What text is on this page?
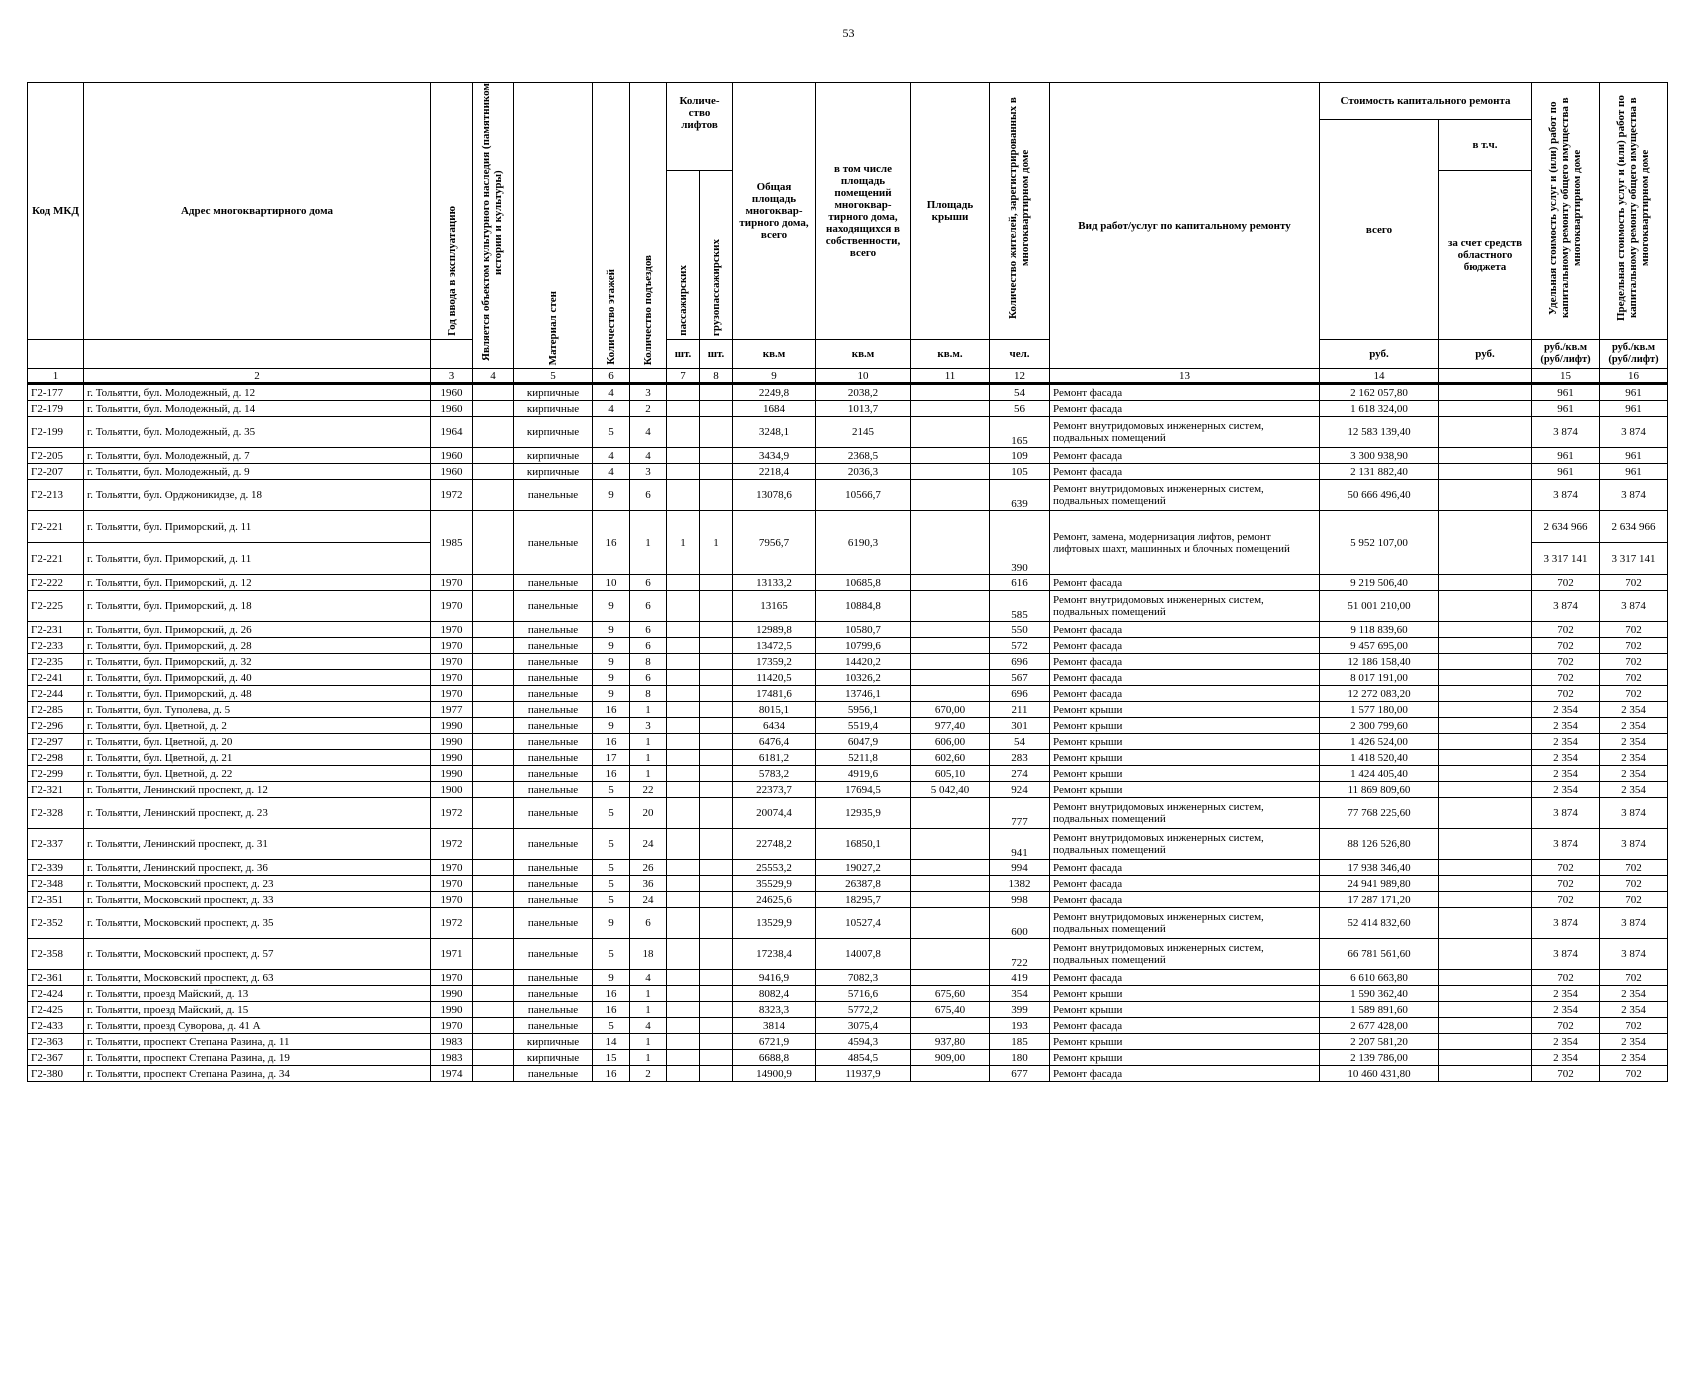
53
Код МКД	Адрес многоквартирного дома	Год ввода в эксплуатацию	Является объектом культурного наследия (памятником истории и культуры)	Материал стен	Количество этажей	Количество подъездов	Количе-ство лифтов		Общая площадь многоквар-тирного дома, всего	в том числе площадь помещений многоквар-тирного дома, находящихся в собственности, всего	Площадь крыши	Количество жителей, зарегистрированных в многоквартирном доме	Вид работ/услуг по капитальному ремонту	Стоимость капитального ремонта		Удельная стоимость услуг и (или) работ по капитальному ремонту общего имущества в многоквартирном доме	Предельная стоимость услуг и (или) работ по капитальному ремонту общего имущества в многоквартирном доме

														всего	в т.ч.		

							пассажирских	грузопассажирских							за счет средств областного бюджета		
							шт.	шт.	кв.м	кв.м	кв.м.	чел.		руб.	руб.	руб./кв.м (руб/лифт)	руб./кв.м (руб/лифт)
1	2	3	4	5	6		7	8	9	10	11	12	13	14		15	16
Г2-177	г. Тольятти, бул. Молодежный, д. 12	1960		кирпичные	4	3			2249,8	2038,2		54	Ремонт фасада	2 162 057,80		961	961
Г2-179	г. Тольятти, бул. Молодежный, д. 14	1960		кирпичные	4	2			1684	1013,7		56	Ремонт фасада	1 618 324,00		961	961
Г2-199	г. Тольятти, бул. Молодежный, д. 35	1964		кирпичные	5	4			3248,1	2145		165	Ремонт внутридомовых инженерных систем, подвальных помещений	12 583 139,40		3 874	3 874
Г2-205	г. Тольятти, бул. Молодежный, д. 7	1960		кирпичные	4	4			3434,9	2368,5		109	Ремонт фасада	3 300 938,90		961	961
Г2-207	г. Тольятти, бул. Молодежный, д. 9	1960		кирпичные	4	3			2218,4	2036,3		105	Ремонт фасада	2 131 882,40		961	961
Г2-213	г. Тольятти, бул. Орджоникидзе, д. 18	1972		панельные	9	6			13078,6	10566,7		639	Ремонт внутридомовых инженерных систем, подвальных помещений	50 666 496,40		3 874	3 874
Г2-221	г. Тольятти, бул. Приморский, д. 11	1985		панельные	16	1	1	1	7956,7	6190,3		390	Ремонт, замена, модернизация лифтов, ремонт лифтовых шахт, машинных и блочных помещений	5 952 107,00		2 634 966	2 634 966
Г2-221	г. Тольятти, бул. Приморский, д. 11															3 317 141	3 317 141
Г2-222	г. Тольятти, бул. Приморский, д. 12	1970		панельные	10	6			13133,2	10685,8		616	Ремонт фасада	9 219 506,40		702	702
Г2-225	г. Тольятти, бул. Приморский, д. 18	1970		панельные	9	6			13165	10884,8		585	Ремонт внутридомовых инженерных систем, подвальных помещений	51 001 210,00		3 874	3 874
Г2-231	г. Тольятти, бул. Приморский, д. 26	1970		панельные	9	6			12989,8	10580,7		550	Ремонт фасада	9 118 839,60		702	702
Г2-233	г. Тольятти, бул. Приморский, д. 28	1970		панельные	9	6			13472,5	10799,6		572	Ремонт фасада	9 457 695,00		702	702
Г2-235	г. Тольятти, бул. Приморский, д. 32	1970		панельные	9	8			17359,2	14420,2		696	Ремонт фасада	12 186 158,40		702	702
Г2-241	г. Тольятти, бул. Приморский, д. 40	1970		панельные	9	6			11420,5	10326,2		567	Ремонт фасада	8 017 191,00		702	702
Г2-244	г. Тольятти, бул. Приморский, д. 48	1970		панельные	9	8			17481,6	13746,1		696	Ремонт фасада	12 272 083,20		702	702
Г2-285	г. Тольятти, бул. Туполева, д. 5	1977		панельные	16	1			8015,1	5956,1	670,00	211	Ремонт крыши	1 577 180,00		2 354	2 354
Г2-296	г. Тольятти, бул. Цветной, д. 2	1990		панельные	9	3			6434	5519,4	977,40	301	Ремонт крыши	2 300 799,60		2 354	2 354
Г2-297	г. Тольятти, бул. Цветной, д. 20	1990		панельные	16	1			6476,4	6047,9	606,00	54	Ремонт крыши	1 426 524,00		2 354	2 354
Г2-298	г. Тольятти, бул. Цветной, д. 21	1990		панельные	17	1			6181,2	5211,8	602,60	283	Ремонт крыши	1 418 520,40		2 354	2 354
Г2-299	г. Тольятти, бул. Цветной, д. 22	1990		панельные	16	1			5783,2	4919,6	605,10	274	Ремонт крыши	1 424 405,40		2 354	2 354
Г2-321	г. Тольятти, Ленинский проспект, д. 12	1900		панельные	5	22			22373,7	17694,5	5 042,40	924	Ремонт крыши	11 869 809,60		2 354	2 354
Г2-328	г. Тольятти, Ленинский проспект, д. 23	1972		панельные	5	20			20074,4	12935,9		777	Ремонт внутридомовых инженерных систем, подвальных помещений	77 768 225,60		3 874	3 874
Г2-337	г. Тольятти, Ленинский проспект, д. 31	1972		панельные	5	24			22748,2	16850,1		941	Ремонт внутридомовых инженерных систем, подвальных помещений	88 126 526,80		3 874	3 874
Г2-339	г. Тольятти, Ленинский проспект, д. 36	1970		панельные	5	26			25553,2	19027,2		994	Ремонт фасада	17 938 346,40		702	702
Г2-348	г. Тольятти, Московский проспект, д. 23	1970		панельные	5	36			35529,9	26387,8		1382	Ремонт фасада	24 941 989,80		702	702
Г2-351	г. Тольятти, Московский проспект, д. 33	1970		панельные	5	24			24625,6	18295,7		998	Ремонт фасада	17 287 171,20		702	702
Г2-352	г. Тольятти, Московский проспект, д. 35	1972		панельные	9	6			13529,9	10527,4		600	Ремонт внутридомовых инженерных систем, подвальных помещений	52 414 832,60		3 874	3 874
Г2-358	г. Тольятти, Московский проспект, д. 57	1971		панельные	5	18			17238,4	14007,8		722	Ремонт внутридомовых инженерных систем, подвальных помещений	66 781 561,60		3 874	3 874
Г2-361	г. Тольятти, Московский проспект, д. 63	1970		панельные	9	4			9416,9	7082,3		419	Ремонт фасада	6 610 663,80		702	702
Г2-424	г. Тольятти, проезд Майский, д. 13	1990		панельные	16	1			8082,4	5716,6	675,60	354	Ремонт крыши	1 590 362,40		2 354	2 354
Г2-425	г. Тольятти, проезд Майский, д. 15	1990		панельные	16	1			8323,3	5772,2	675,40	399	Ремонт крыши	1 589 891,60		2 354	2 354
Г2-433	г. Тольятти, проезд Суворова, д. 41 А	1970		панельные	5	4			3814	3075,4		193	Ремонт фасада	2 677 428,00		702	702
Г2-363	г. Тольятти, проспект Степана Разина, д. 11	1983		кирпичные	14	1			6721,9	4594,3	937,80	185	Ремонт крыши	2 207 581,20		2 354	2 354
Г2-367	г. Тольятти, проспект Степана Разина, д. 19	1983		кирпичные	15	1			6688,8	4854,5	909,00	180	Ремонт крыши	2 139 786,00		2 354	2 354
Г2-380	г. Тольятти, проспект Степана Разина, д. 34	1974		панельные	16	2			14900,9	11937,9		677	Ремонт фасада	10 460 431,80		702	702
